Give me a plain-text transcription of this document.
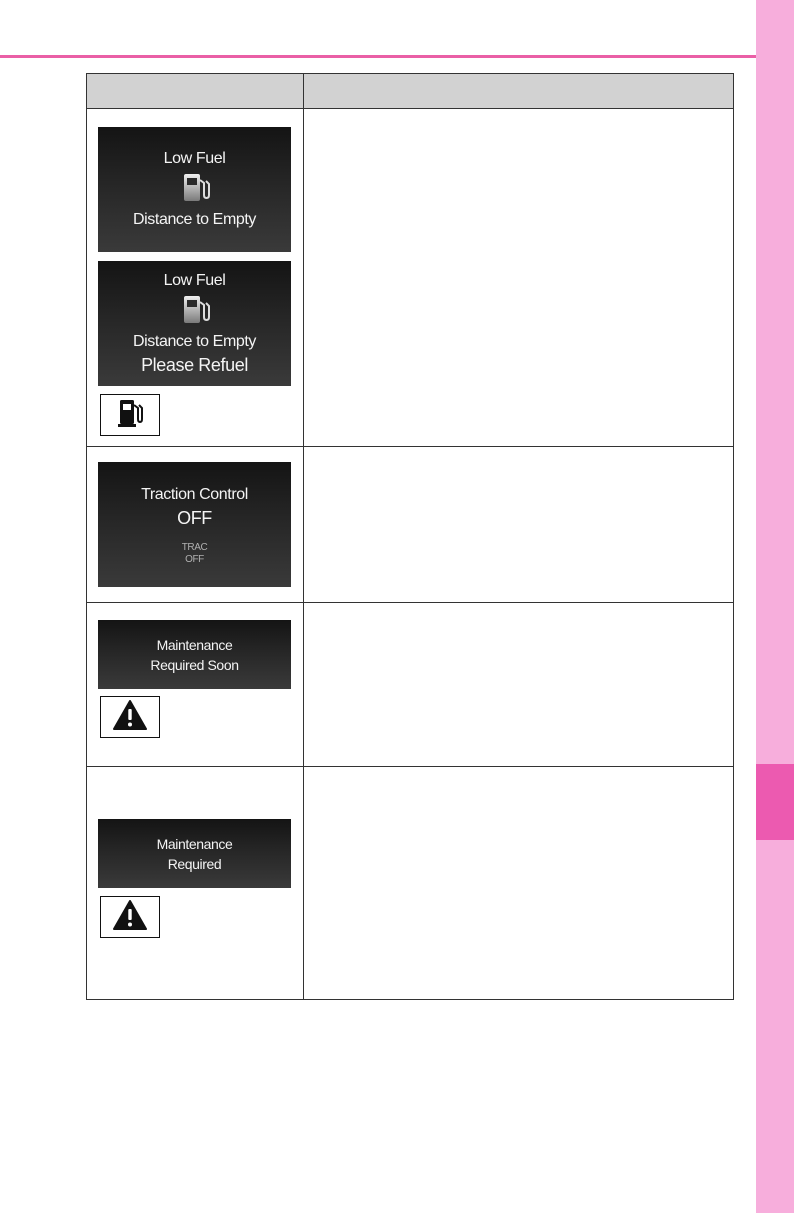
Low Fuel
Distance to Empty
Low Fuel
Distance to Empty
Please Refuel
Traction Control
OFF
TRAC
OFF
Maintenance
Required Soon
Maintenance
Required
